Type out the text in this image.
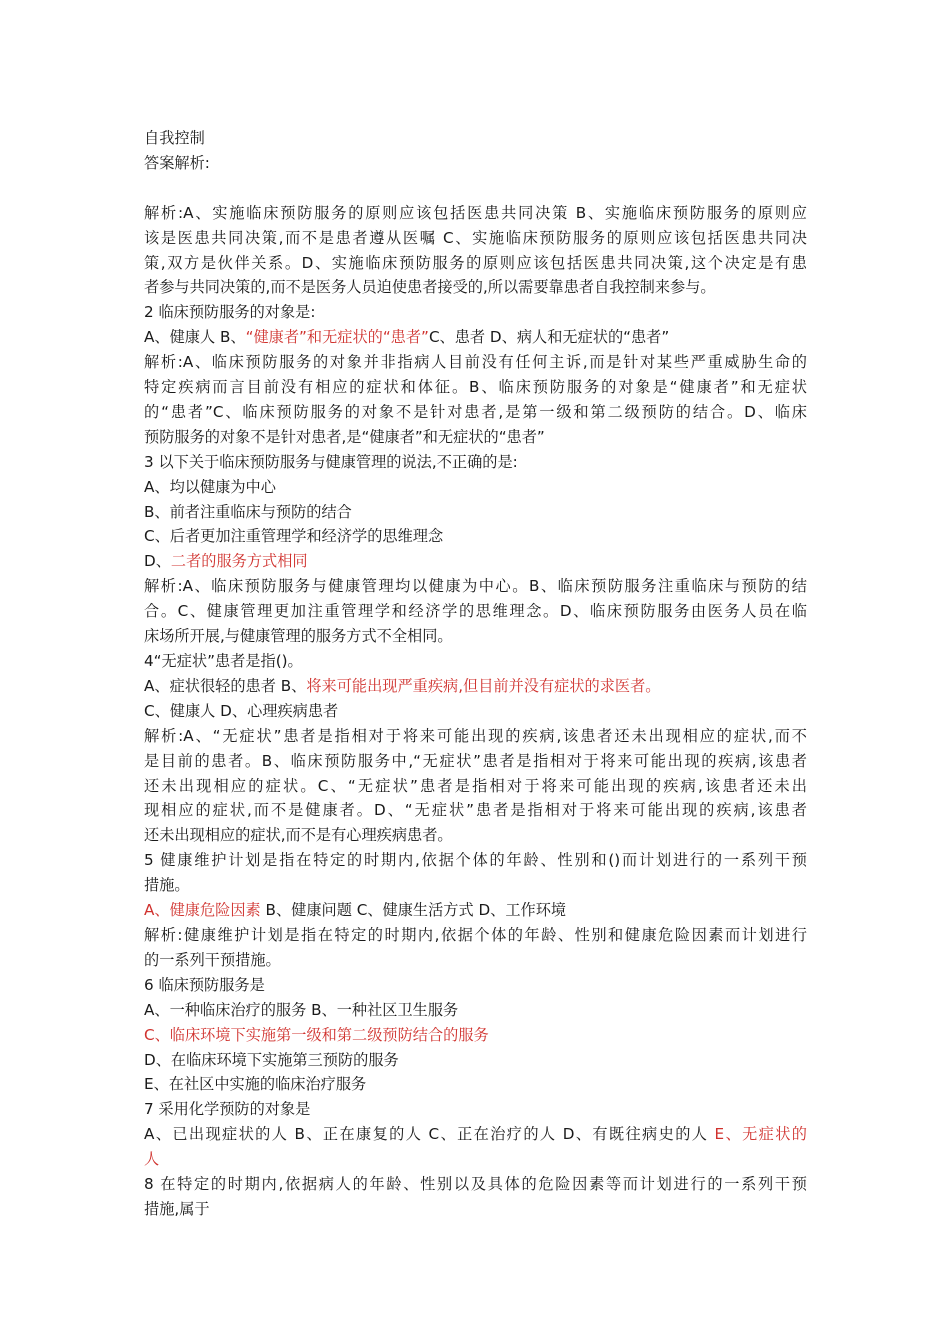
自我控制
答案解析:
解析:A、实施临床预防服务的原则应该包括医患共同决策 B、实施临床预防服务的原则应
该是医患共同决策,而不是患者遵从医嘱 C、实施临床预防服务的原则应该包括医患共同决
策,双方是伙伴关系。D、实施临床预防服务的原则应该包括医患共同决策,这个决定是有患
者参与共同决策的,而不是医务人员迫使患者接受的,所以需要靠患者自我控制来参与。
2 临床预防服务的对象是:
A、健康人 B、“健康者”和无症状的“患者”C、患者 D、病人和无症状的“患者”
解析:A、临床预防服务的对象并非指病人目前没有任何主诉,而是针对某些严重威胁生命的
特定疾病而言目前没有相应的症状和体征。B、临床预防服务的对象是“健康者”和无症状
的“患者”C、临床预防服务的对象不是针对患者,是第一级和第二级预防的结合。D、临床
预防服务的对象不是针对患者,是“健康者”和无症状的“患者”
3 以下关于临床预防服务与健康管理的说法,不正确的是:
A、均以健康为中心
B、前者注重临床与预防的结合
C、后者更加注重管理学和经济学的思维理念
D、二者的服务方式相同
解析:A、临床预防服务与健康管理均以健康为中心。B、临床预防服务注重临床与预防的结
合。C、健康管理更加注重管理学和经济学的思维理念。D、临床预防服务由医务人员在临
床场所开展,与健康管理的服务方式不全相同。
4“无症状”患者是指()。
A、症状很轻的患者 B、将来可能出现严重疾病,但目前并没有症状的求医者。
C、健康人 D、心理疾病患者
解析:A、“无症状”患者是指相对于将来可能出现的疾病,该患者还未出现相应的症状,而不
是目前的患者。B、临床预防服务中,“无症状”患者是指相对于将来可能出现的疾病,该患者
还未出现相应的症状。C、“无症状”患者是指相对于将来可能出现的疾病,该患者还未出
现相应的症状,而不是健康者。D、“无症状”患者是指相对于将来可能出现的疾病,该患者
还未出现相应的症状,而不是有心理疾病患者。
5 健康维护计划是指在特定的时期内,依据个体的年龄、性别和()而计划进行的一系列干预
措施。
A、健康危险因素 B、健康问题 C、健康生活方式 D、工作环境
解析:健康维护计划是指在特定的时期内,依据个体的年龄、性别和健康危险因素而计划进行
的一系列干预措施。
6 临床预防服务是
A、一种临床治疗的服务 B、一种社区卫生服务
C、临床环境下实施第一级和第二级预防结合的服务
D、在临床环境下实施第三预防的服务
E、在社区中实施的临床治疗服务
7 采用化学预防的对象是
A、已出现症状的人 B、正在康复的人 C、正在治疗的人 D、有既往病史的人 E、无症状的
人
8 在特定的时期内,依据病人的年龄、性别以及具体的危险因素等而计划进行的一系列干预
措施,属于
